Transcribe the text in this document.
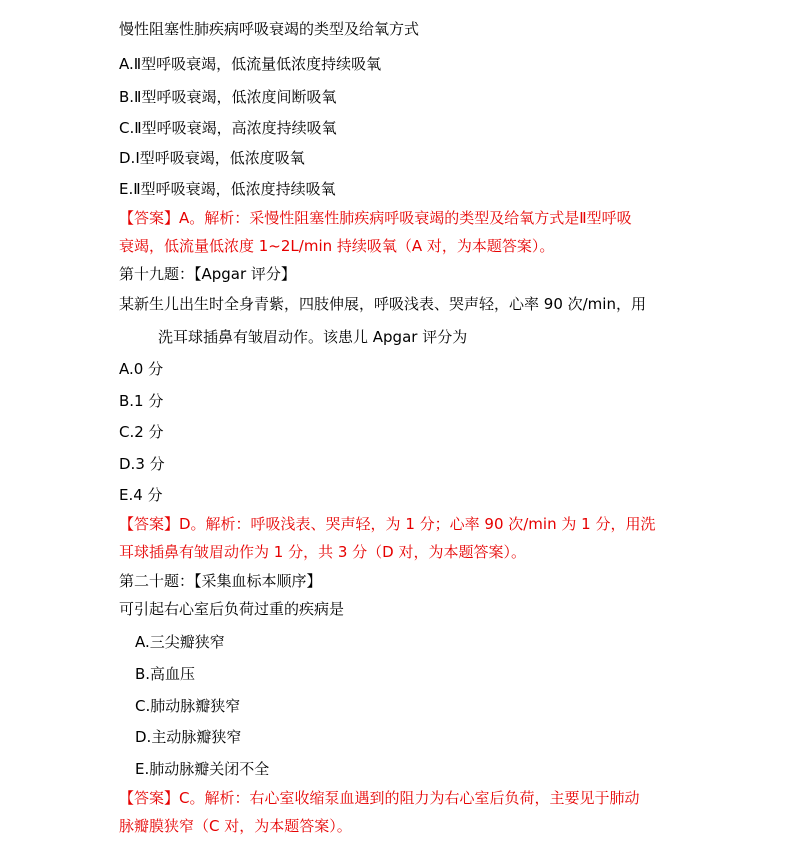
慢性阻塞性肺疾病呼吸衰竭的类型及给氧方式
A.Ⅱ型呼吸衰竭，低流量低浓度持续吸氧
B.Ⅱ型呼吸衰竭，低浓度间断吸氧
C.Ⅱ型呼吸衰竭，高浓度持续吸氧
D.Ⅰ型呼吸衰竭，低浓度吸氧
E.Ⅱ型呼吸衰竭，低浓度持续吸氧
【答案】A。解析：采慢性阻塞性肺疾病呼吸衰竭的类型及给氧方式是Ⅱ型呼吸
衰竭，低流量低浓度 1~2L/min 持续吸氧（A 对，为本题答案）。
第十九题：【Apgar 评分】
某新生儿出生时全身青紫，四肢伸展，呼吸浅表、哭声轻，心率 90 次/min，用
洗耳球插鼻有皱眉动作。该患儿 Apgar 评分为
A.0 分
B.1 分
C.2 分
D.3 分
E.4 分
【答案】D。解析：呼吸浅表、哭声轻，为 1 分；心率 90 次/min 为 1 分，用洗
耳球插鼻有皱眉动作为 1 分，共 3 分（D 对，为本题答案）。
第二十题：【采集血标本顺序】
可引起右心室后负荷过重的疾病是
A.三尖瓣狭窄
B.高血压
C.肺动脉瓣狭窄
D.主动脉瓣狭窄
E.肺动脉瓣关闭不全
【答案】C。解析：右心室收缩泵血遇到的阻力为右心室后负荷，主要见于肺动
脉瓣膜狭窄（C 对，为本题答案）。
